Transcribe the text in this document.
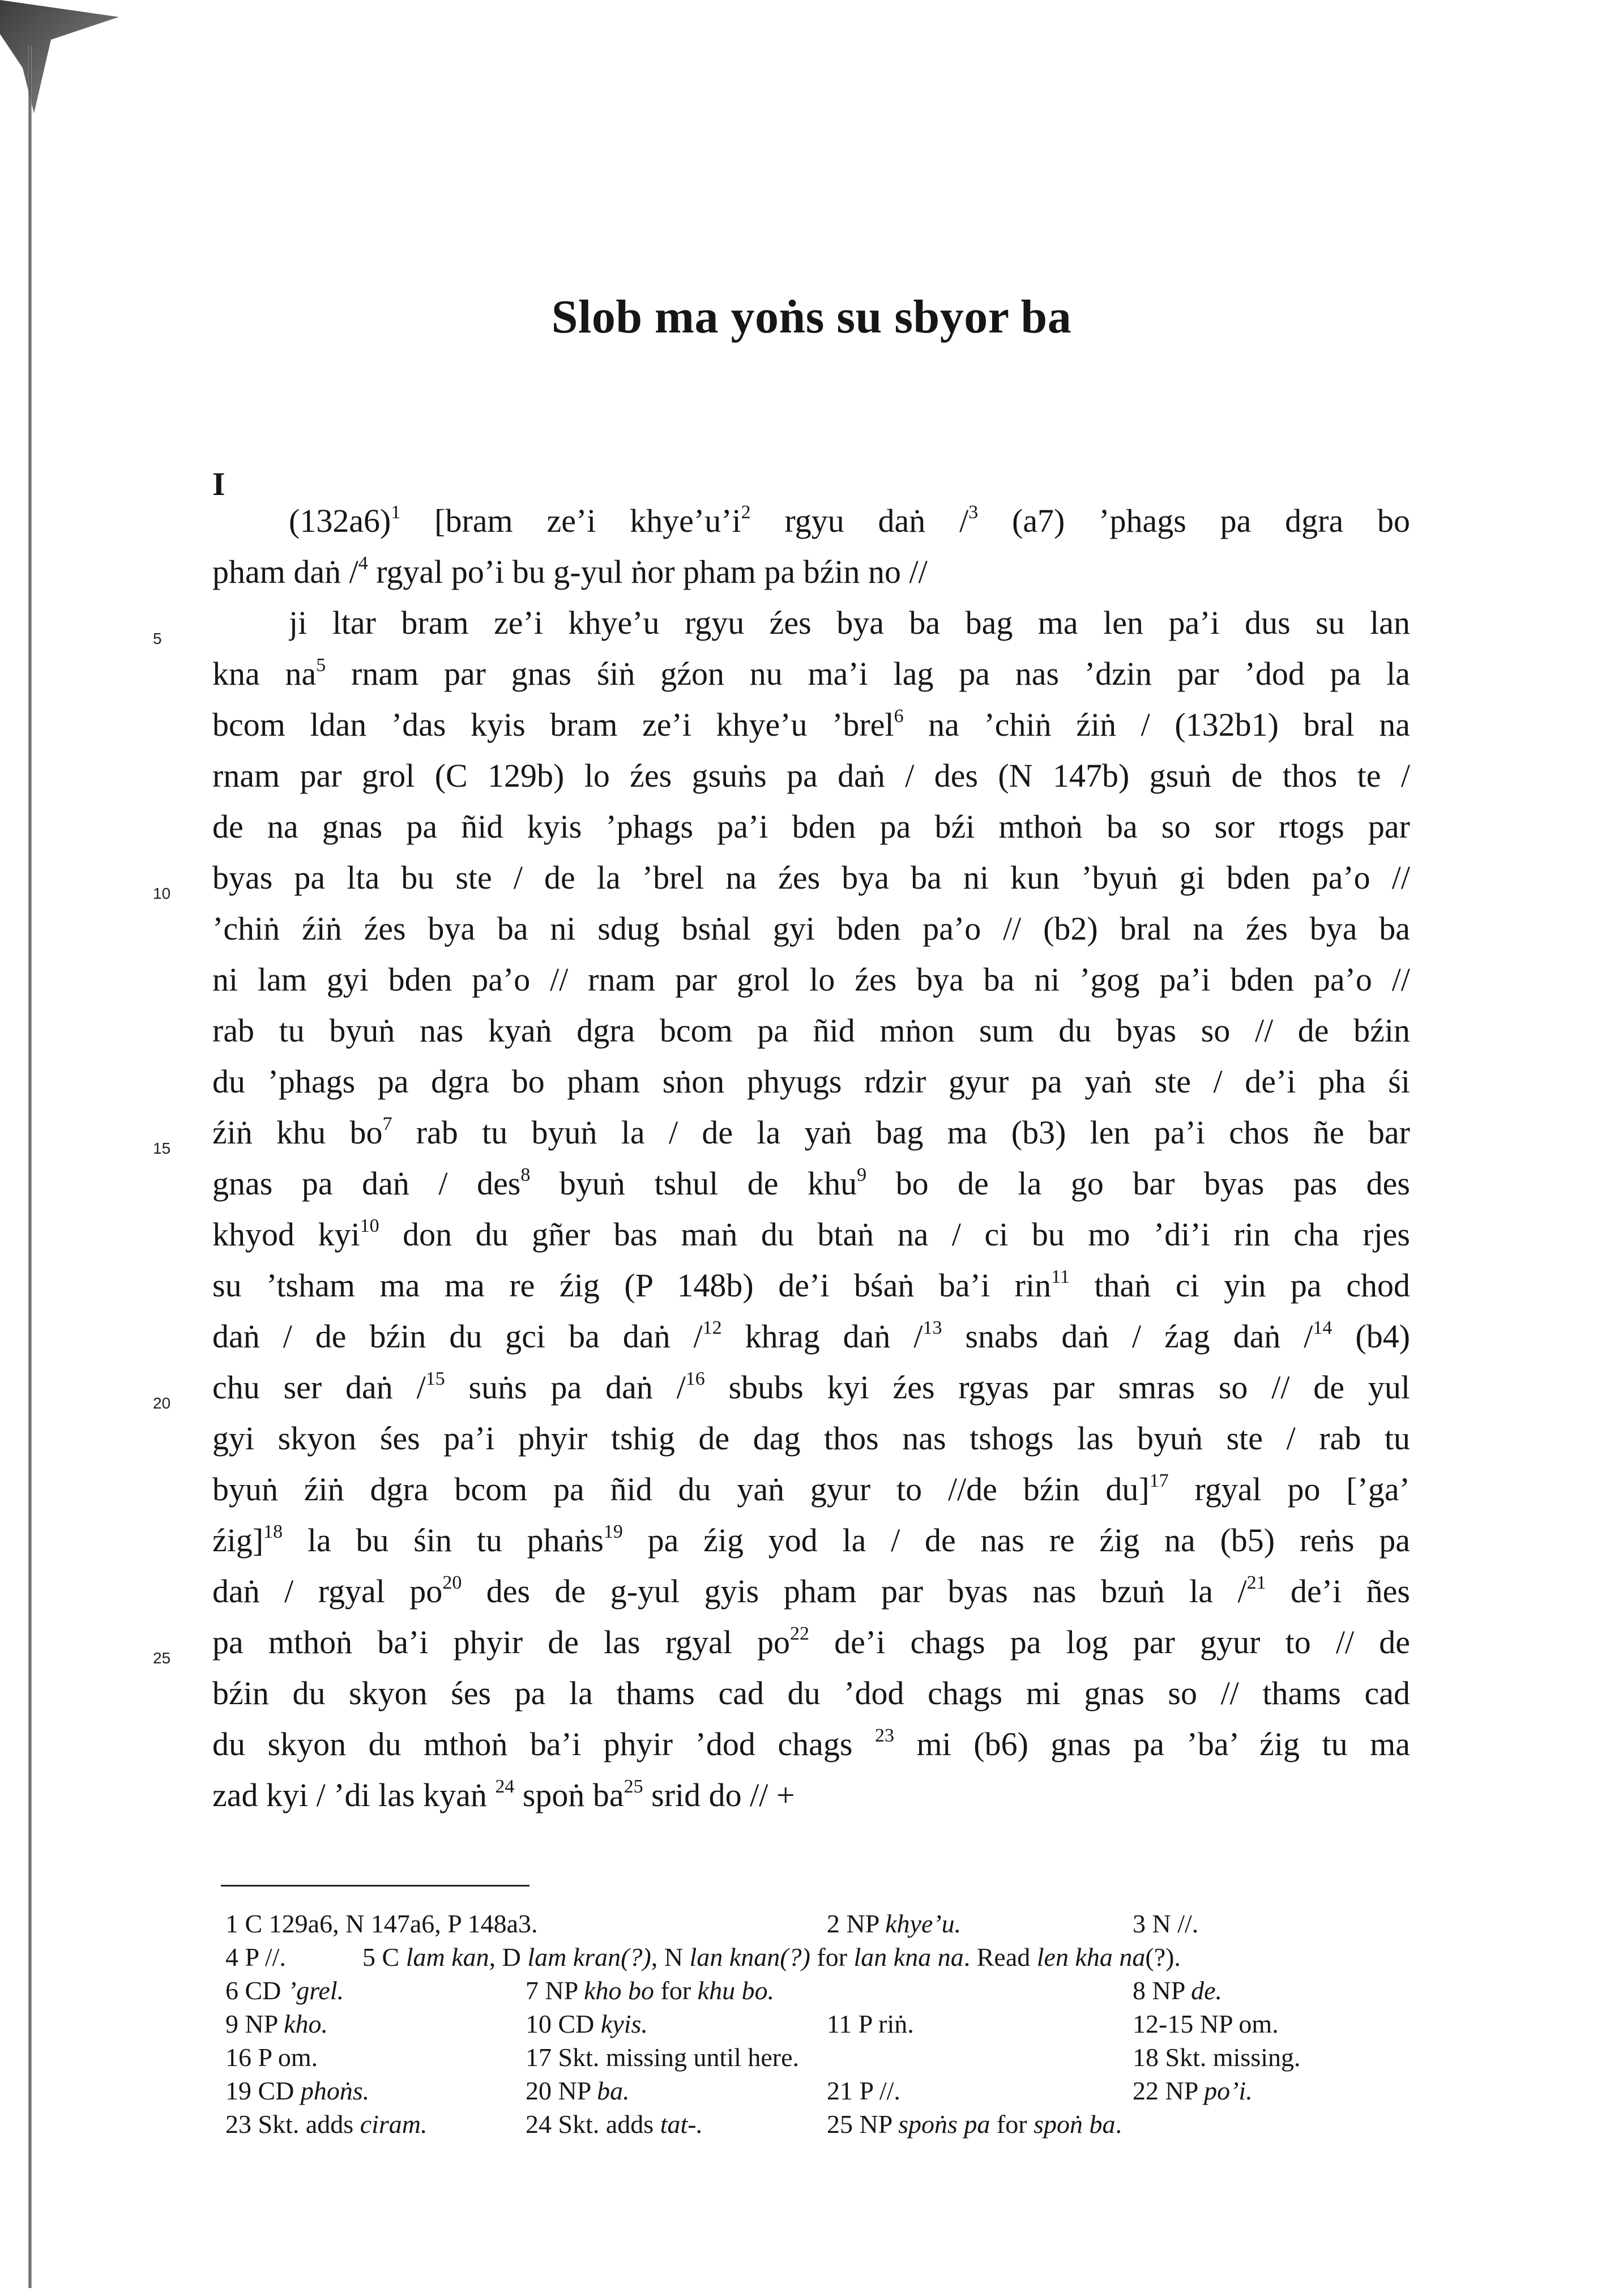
Slob ma yoṅs su sbyor ba
I

$(132a6)^1$ [bram ze’i $khye’u’i^2$ rgyu daṅ /$^3$ (a7) ’phags pa dgra bo

pham daṅ /$^4$ rgyal po’i bu g-yul ṅor pham pa bźin no //

ji ltar bram ze’i khye’u rgyu źes bya ba bag ma len pa’i dus su lan

kna $na^5$ rnam par gnas śiṅ gźon nu ma’i lag pa nas ’dzin par ’dod pa la

bcom ldan ’das kyis bram ze’i khye’u ’brel$^6$ na ’chiṅ źiṅ / (132b1) bral na

rnam par grol (C 129b) lo źes gsuṅs pa daṅ / des (N 147b) gsuṅ de thos te /

de na gnas pa ñid kyis ’phags pa’i bden pa bźi mthoṅ ba so sor rtogs par

byas pa lta bu ste / de la ’brel na źes bya ba ni kun ’byuṅ gi bden pa’o //

’chiṅ źiṅ źes bya ba ni sdug bsṅal gyi bden pa’o // (b2) bral na źes bya ba

ni lam gyi bden pa’o // rnam par grol lo źes bya ba ni ’gog pa’i bden pa’o //

rab tu byuṅ nas kyaṅ dgra bcom pa ñid mṅon sum du byas so // de bźin

du ’phags pa dgra bo pham sṅon phyugs rdzir gyur pa yaṅ ste / de’i pha śi

źiṅ khu $bo^7$ rab tu byuṅ la / de la yaṅ bag ma (b3) len pa’i chos ñe bar

gnas pa daṅ / des$^8$ byuṅ tshul de khu$^9$ bo de la go bar byas pas des

khyod kyi$^{10}$ don du gñer bas maṅ du btaṅ na / ci bu mo ’di’i rin cha rjes

su ’tsham ma ma re źig (P 148b) de’i bśaṅ ba’i rin$^{11}$ thaṅ ci yin pa chod

daṅ / de bźin du gci ba daṅ /$^{12}$ khrag daṅ /$^{13}$ snabs daṅ / źag daṅ /$^{14}$ (b4)

chu ser daṅ /$^{15}$ suṅs pa daṅ /$^{16}$ sbubs kyi źes rgyas par smras so // de yul

gyi skyon śes pa’i phyir tshig de dag thos nas tshogs las byuṅ ste / rab tu

byuṅ źiṅ dgra bcom pa ñid du yaṅ gyur to //de bźin du]$^{17}$ rgyal po [’ga’

źig]$^{18}$ la bu śin tu phaṅs$^{19}$ pa źig yod la / de nas re źig na (b5) reṅs pa

daṅ / rgyal $po^{20}$ des de g-yul gyis pham par byas nas bzuṅ la /$^{21}$ de’i ñes

pa mthoṅ ba’i phyir de las rgyal $po^{22}$ de’i chags pa log par gyur to // de

bźin du skyon śes pa la thams cad du ’dod chags mi gnas so // thams cad

du skyon du mthoṅ ba’i phyir ’dod chags $^{23}$ mi (b6) gnas pa ’ba’ źig tu ma

zad kyi / ’di las kyaṅ $^{24}$ spoṅ $ba^{25}$ srid do // +

5
10
15
20
25
1 C 129a6, N 147a6, P 148a3.	2 NP khye’u.	3 N //.
4 P //.	5 C lam kan, D lam kran(?), N lan knan(?) for lan kna na. Read len kha na(?).
6 CD ’grel.	7 NP kho bo for khu bo.	8 NP de.
9 NP kho.	10 CD kyis.	11 P riṅ.	12-15 NP om.
16 P om.	17 Skt. missing until here.	18 Skt. missing.
19 CD phoṅs.	20 NP ba.	21 P //.	22 NP po’i.
23 Skt. adds ciram.	24 Skt. adds tat-.	25 NP spoṅs pa for spoṅ ba.
